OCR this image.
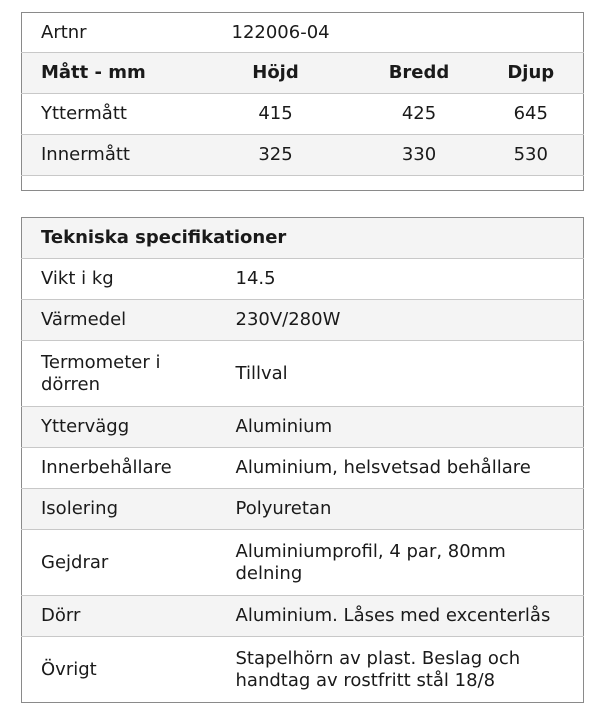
Artnr	122006-04		
Mått - mm	Höjd	Bredd	Djup
Yttermått	415	425	645
Innermått	325	330	530

Tekniska specifikationer	
Vikt i kg	14.5
Värmedel	230V/280W
Termometer i dörren	Tillval
Yttervägg	Aluminium
Innerbehållare	Aluminium, helsvetsad behållare
Isolering	Polyuretan
Gejdrar	Aluminiumprofil, 4 par, 80mm delning
Dörr	Aluminium. Låses med excenterlås
Övrigt	Stapelhörn av plast. Beslag och handtag av rostfritt stål 18/8
